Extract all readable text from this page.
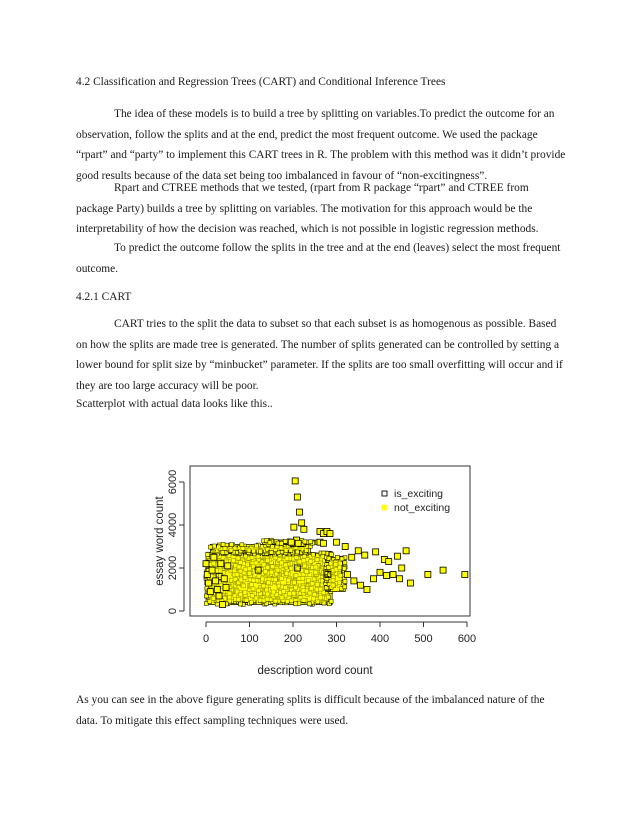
4.2 Classification and Regression Trees (CART) and Conditional Inference Trees

The idea of these models is to build a tree by splitting on variables.To predict the outcome for an observation, follow the splits and at the end, predict the most frequent outcome. We used the package “rpart” and “party” to implement this CART trees in R. The problem with this method was it didn’t provide good results because of the data set being too imbalanced in favour of “non-excitingness”.

Rpart and CTREE methods that we tested, (rpart from R package “rpart” and CTREE from package Party) builds a tree by splitting on variables. The motivation for this approach would be the interpretability of how the decision was reached, which is not possible in logistic regression methods.

To predict the outcome follow the splits in the tree and at the end (leaves) select the most frequent outcome.

4.2.1 CART

CART tries to the split the data to subset so that each subset is as homogenous as possible. Based on how the splits are made tree is generated. The number of splits generated can be controlled by setting a lower bound for split size by “minbucket” parameter. If the splits are too small overfitting will occur and if they are too large accuracy will be poor.

Scatterplot with actual data looks like this..

0	100 200 300 400 500 600
0
2000
4000
6000	is_exciting
not_exciting
description word count
essay word count

As you can see in the above figure generating splits is difficult because of the imbalanced nature of the data. To mitigate this effect sampling techniques were used.
